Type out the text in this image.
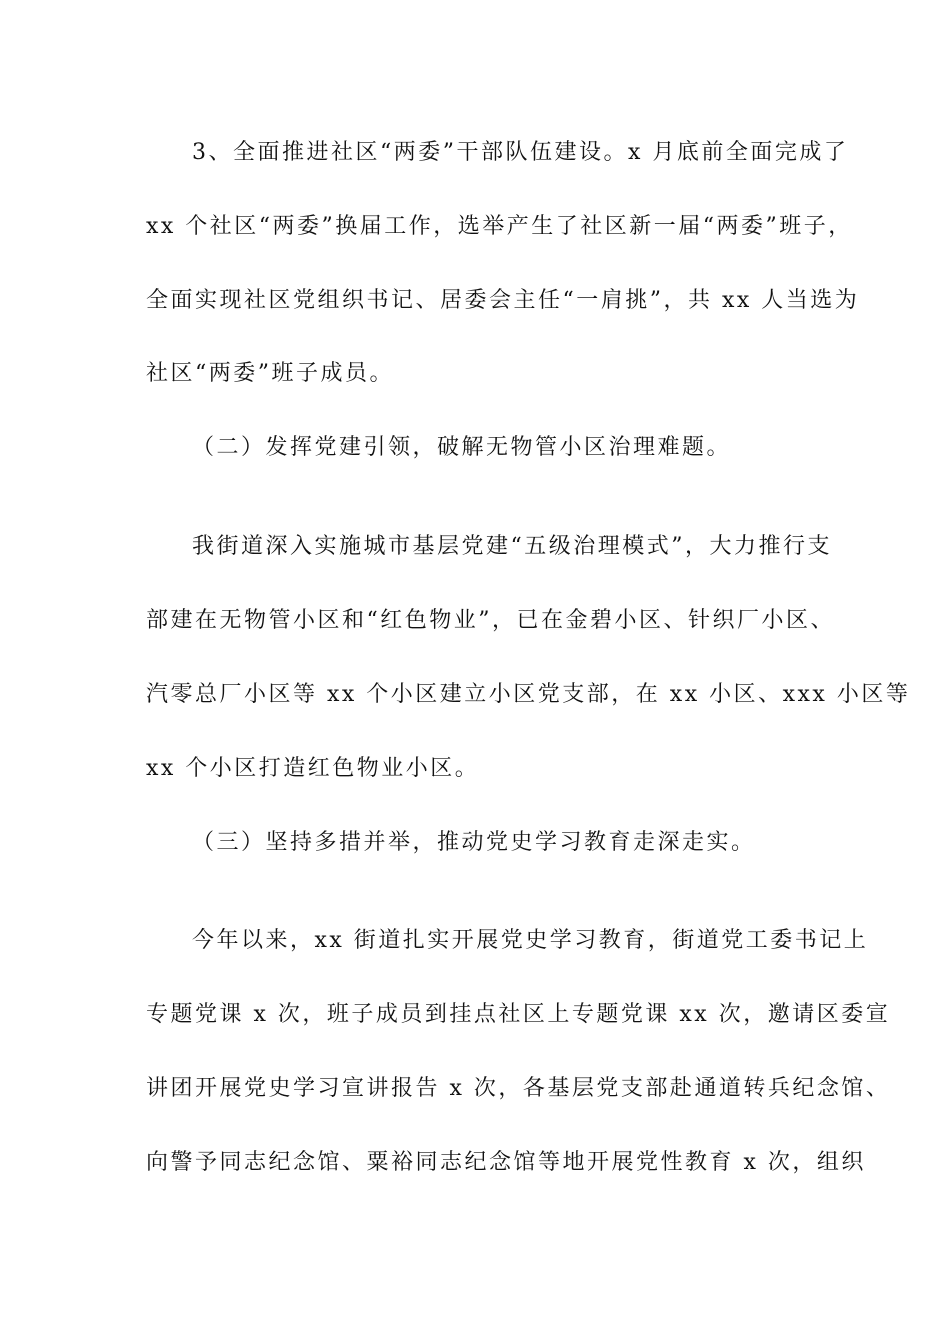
3、全面推进社区“两委”干部队伍建设。x 月底前全面完成了
xx 个社区“两委”换届工作，选举产生了社区新一届“两委”班子，
全面实现社区党组织书记、居委会主任“一肩挑”，共 xx 人当选为
社区“两委”班子成员。
（二）发挥党建引领，破解无物管小区治理难题。
我街道深入实施城市基层党建“五级治理模式”，大力推行支
部建在无物管小区和“红色物业”，已在金碧小区、针织厂小区、
汽零总厂小区等 xx 个小区建立小区党支部，在 xx 小区、xxx 小区等
xx 个小区打造红色物业小区。
（三）坚持多措并举，推动党史学习教育走深走实。
今年以来，xx 街道扎实开展党史学习教育，街道党工委书记上
专题党课 x 次，班子成员到挂点社区上专题党课 xx 次，邀请区委宣
讲团开展党史学习宣讲报告 x 次，各基层党支部赴通道转兵纪念馆、
向警予同志纪念馆、粟裕同志纪念馆等地开展党性教育 x 次，组织
